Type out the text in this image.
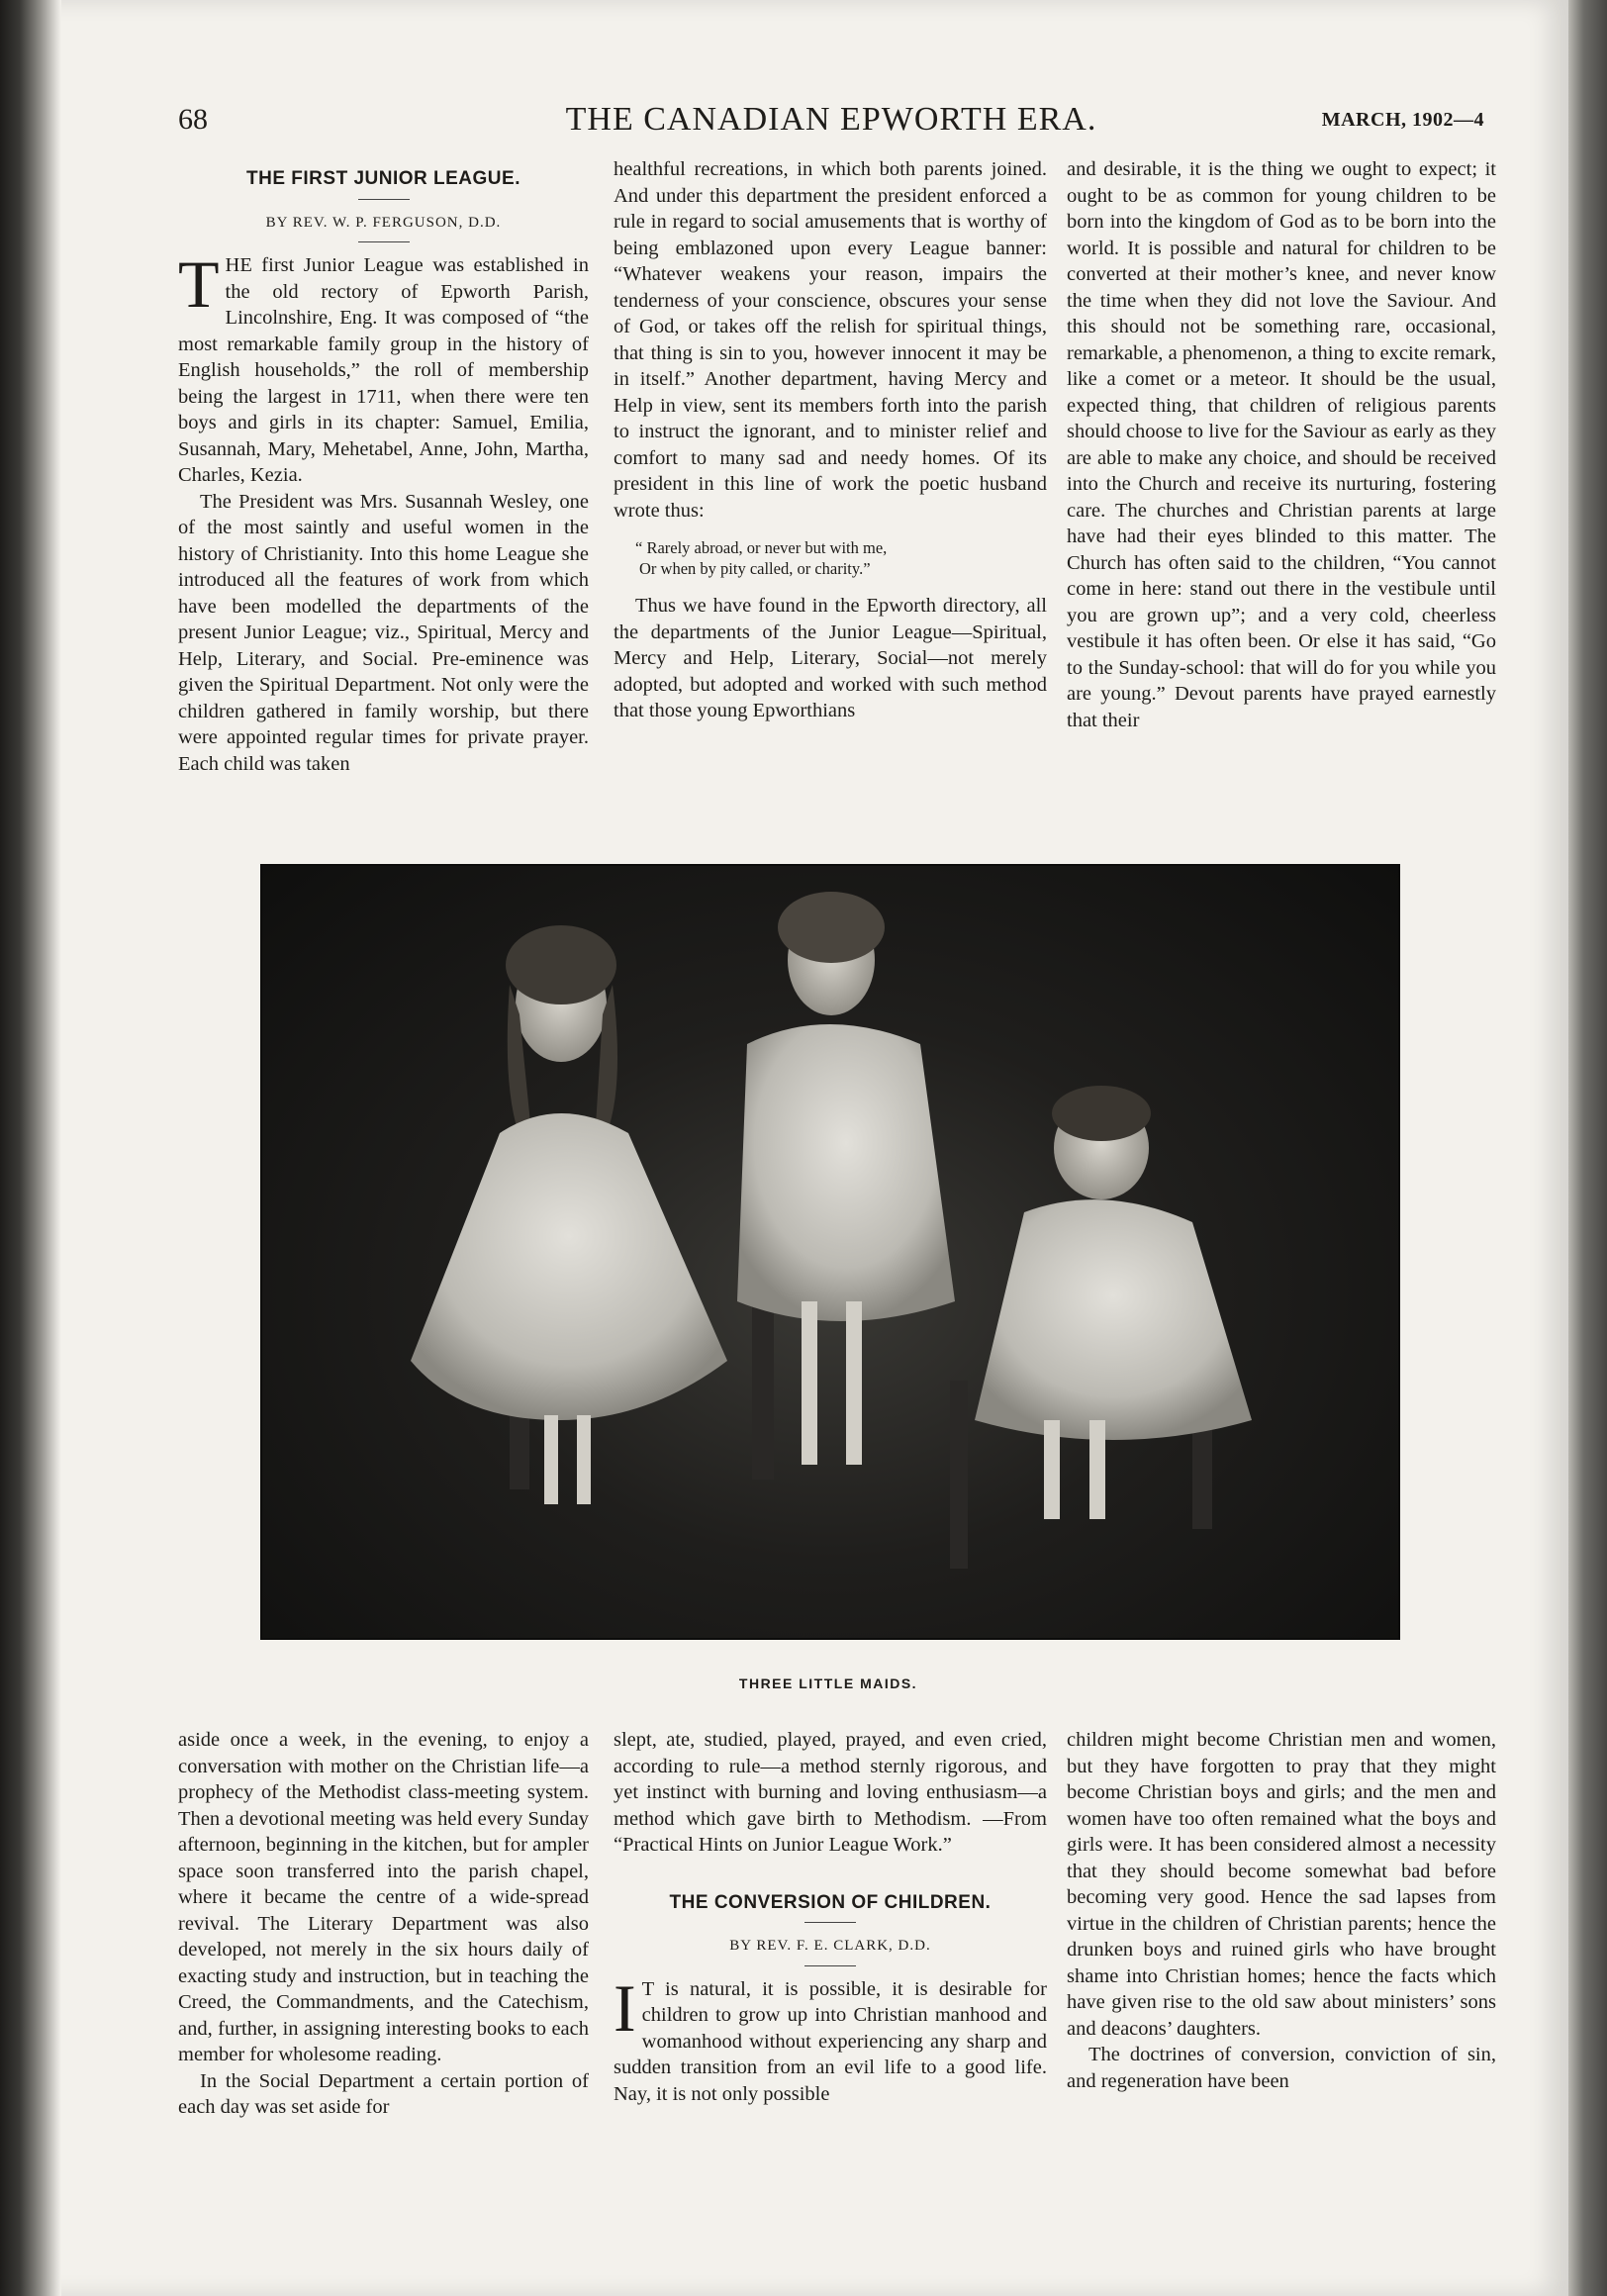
68	THE CANADIAN EPWORTH ERA.	MARCH, 1902—4
THE FIRST JUNIOR LEAGUE.
BY REV. W. P. FERGUSON, D.D.

THE first Junior League was established in the old rectory of Epworth Parish, Lincolnshire, Eng. It was composed of “the most remarkable family group in the history of English households,” the roll of membership being the largest in 1711, when there were ten boys and girls in its chapter: Samuel, Emilia, Susannah, Mary, Mehetabel, Anne, John, Martha, Charles, Kezia.

The President was Mrs. Susannah Wesley, one of the most saintly and useful women in the history of Christianity. Into this home League she introduced all the features of work from which have been modelled the departments of the present Junior League; viz., Spiritual, Mercy and Help, Literary, and Social. Pre-eminence was given the Spiritual Department. Not only were the children gathered in family worship, but there were appointed regular times for private prayer. Each child was taken

healthful recreations, in which both parents joined. And under this department the president enforced a rule in regard to social amusements that is worthy of being emblazoned upon every League banner: “Whatever weakens your reason, impairs the tenderness of your conscience, obscures your sense of God, or takes off the relish for spiritual things, that thing is sin to you, however innocent it may be in itself.” Another department, having Mercy and Help in view, sent its members forth into the parish to instruct the ignorant, and to minister relief and comfort to many sad and needy homes. Of its president in this line of work the poetic husband wrote thus:

“ Rarely abroad, or never but with me,
Or when by pity called, or charity.”

Thus we have found in the Epworth directory, all the departments of the Junior League—Spiritual, Mercy and Help, Literary, Social—not merely adopted, but adopted and worked with such method that those young Epworthians

and desirable, it is the thing we ought to expect; it ought to be as common for young children to be born into the kingdom of God as to be born into the world. It is possible and natural for children to be converted at their mother’s knee, and never know the time when they did not love the Saviour. And this should not be something rare, occasional, remarkable, a phenomenon, a thing to excite remark, like a comet or a meteor. It should be the usual, expected thing, that children of religious parents should choose to live for the Saviour as early as they are able to make any choice, and should be received into the Church and receive its nurturing, fostering care. The churches and Christian parents at large have had their eyes blinded to this matter. The Church has often said to the children, “You cannot come in here: stand out there in the vestibule until you are grown up”; and a very cold, cheerless vestibule it has often been. Or else it has said, “Go to the Sunday-school: that will do for you while you are young.” Devout parents have prayed earnestly that their

THREE LITTLE MAIDS.

aside once a week, in the evening, to enjoy a conversation with mother on the Christian life—a prophecy of the Methodist class-meeting system. Then a devotional meeting was held every Sunday afternoon, beginning in the kitchen, but for ampler space soon transferred into the parish chapel, where it became the centre of a wide-spread revival. The Literary Department was also developed, not merely in the six hours daily of exacting study and instruction, but in teaching the Creed, the Commandments, and the Catechism, and, further, in assigning interesting books to each member for wholesome reading.

In the Social Department a certain portion of each day was set aside for

slept, ate, studied, played, prayed, and even cried, according to rule—a method sternly rigorous, and yet instinct with burning and loving enthusiasm—a method which gave birth to Methodism. —From “Practical Hints on Junior League Work.”

THE CONVERSION OF CHILDREN.
BY REV. F. E. CLARK, D.D.

I T is natural, it is possible, it is desirable for children to grow up into Christian manhood and womanhood without experiencing any sharp and sudden transition from an evil life to a good life. Nay, it is not only possible

children might become Christian men and women, but they have forgotten to pray that they might become Christian boys and girls; and the men and women have too often remained what the boys and girls were. It has been considered almost a necessity that they should become somewhat bad before becoming very good. Hence the sad lapses from virtue in the children of Christian parents; hence the drunken boys and ruined girls who have brought shame into Christian homes; hence the facts which have given rise to the old saw about ministers’ sons and deacons’ daughters.

The doctrines of conversion, conviction of sin, and regeneration have been
